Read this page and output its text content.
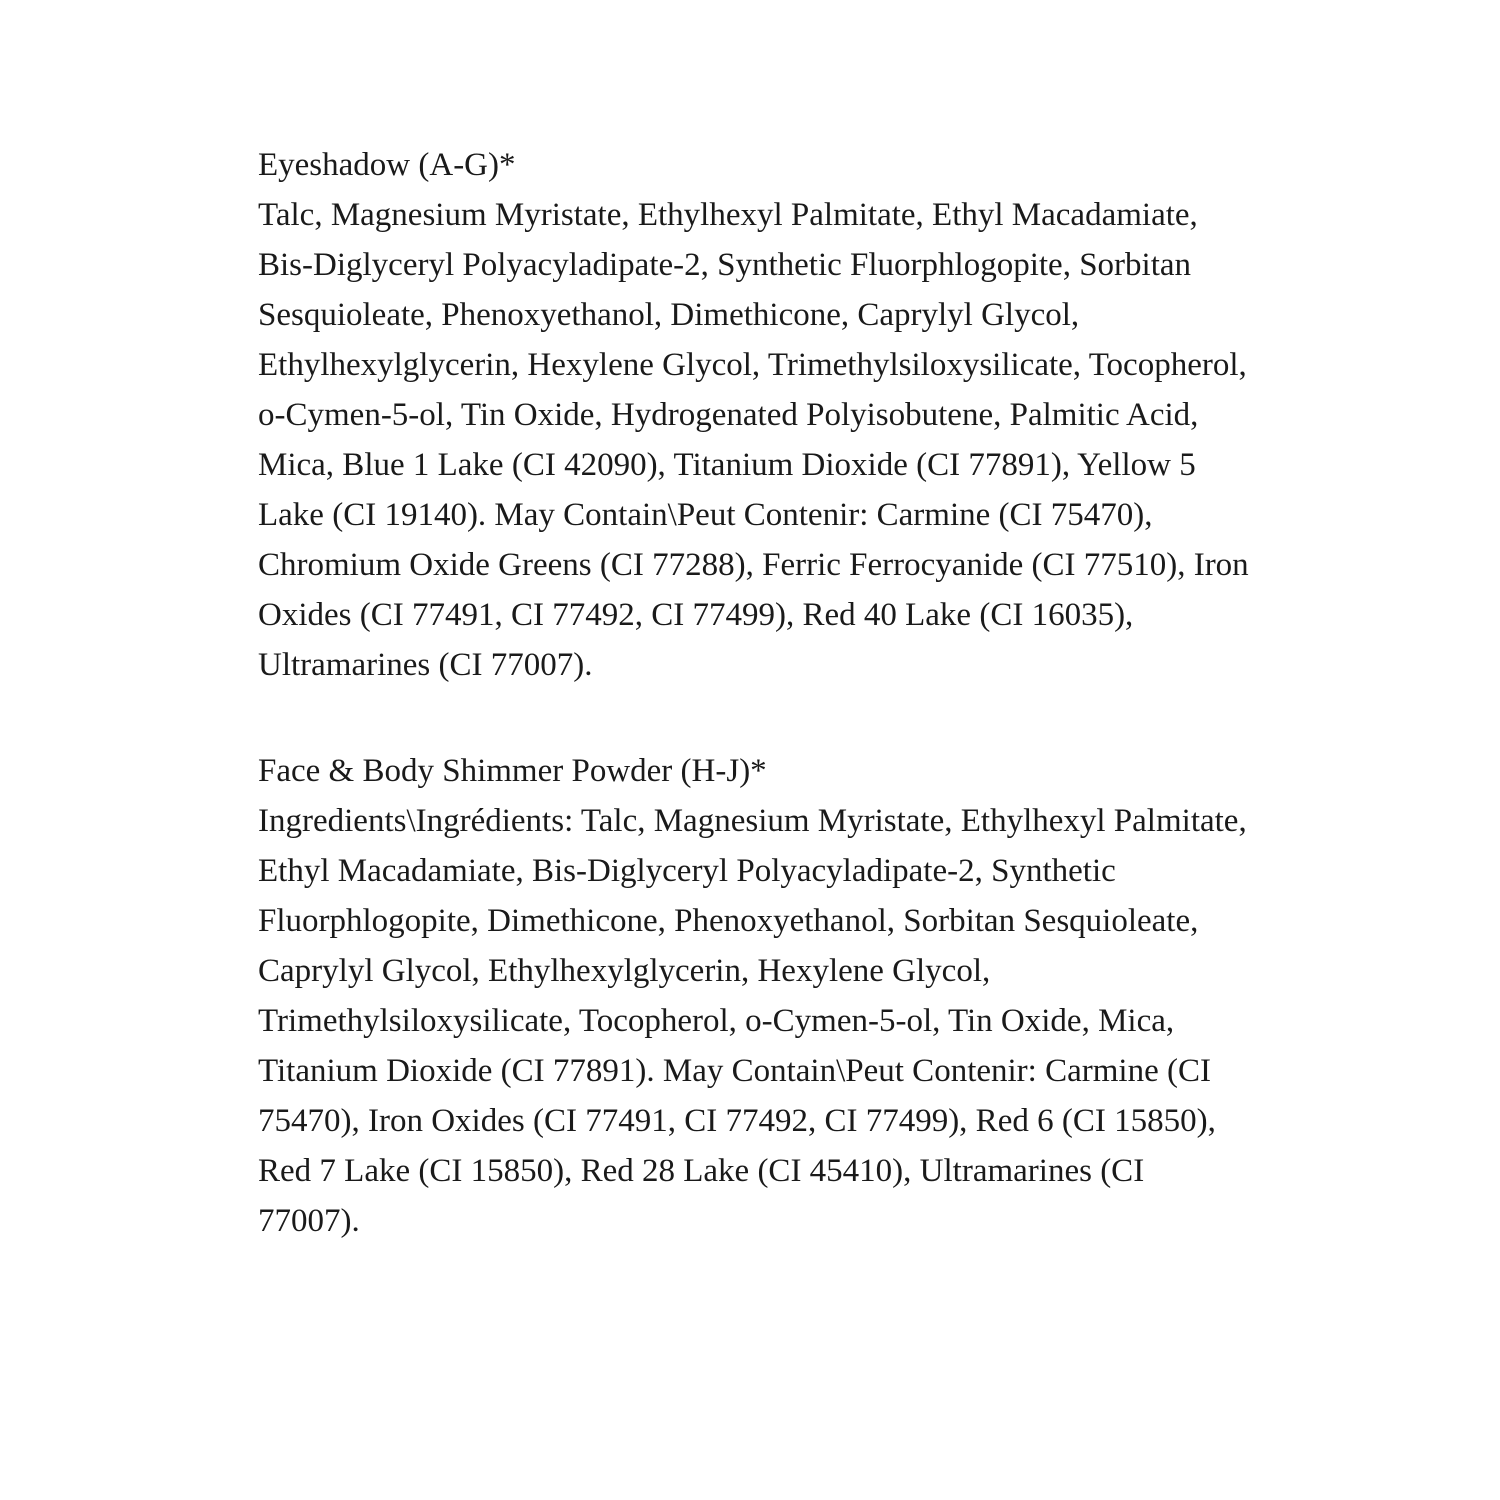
Eyeshadow (A-G)*

Talc, Magnesium Myristate, Ethylhexyl Palmitate, Ethyl Macadamiate, Bis-Diglyceryl Polyacyladipate-2, Synthetic Fluorphlogopite, Sorbitan Sesquioleate, Phenoxyethanol, Dimethicone, Caprylyl Glycol, Ethylhexylglycerin, Hexylene Glycol, Trimethylsiloxysilicate, Tocopherol, o-Cymen-5-ol, Tin Oxide, Hydrogenated Polyisobutene, Palmitic Acid, Mica, Blue 1 Lake (CI 42090), Titanium Dioxide (CI 77891), Yellow 5 Lake (CI 19140). May Contain\Peut Contenir: Carmine (CI 75470), Chromium Oxide Greens (CI 77288), Ferric Ferrocyanide (CI 77510), Iron Oxides (CI 77491, CI 77492, CI 77499), Red 40 Lake (CI 16035), Ultramarines (CI 77007).

Face & Body Shimmer Powder (H-J)*

Ingredients\Ingrédients: Talc, Magnesium Myristate, Ethylhexyl Palmitate, Ethyl Macadamiate, Bis-Diglyceryl Polyacyladipate-2, Synthetic Fluorphlogopite, Dimethicone, Phenoxyethanol, Sorbitan Sesquioleate, Caprylyl Glycol, Ethylhexylglycerin, Hexylene Glycol, Trimethylsiloxysilicate, Tocopherol, o-Cymen-5-ol, Tin Oxide, Mica, Titanium Dioxide (CI 77891). May Contain\Peut Contenir: Carmine (CI 75470), Iron Oxides (CI 77491, CI 77492, CI 77499), Red 6 (CI 15850), Red 7 Lake (CI 15850), Red 28 Lake (CI 45410), Ultramarines (CI 77007).
